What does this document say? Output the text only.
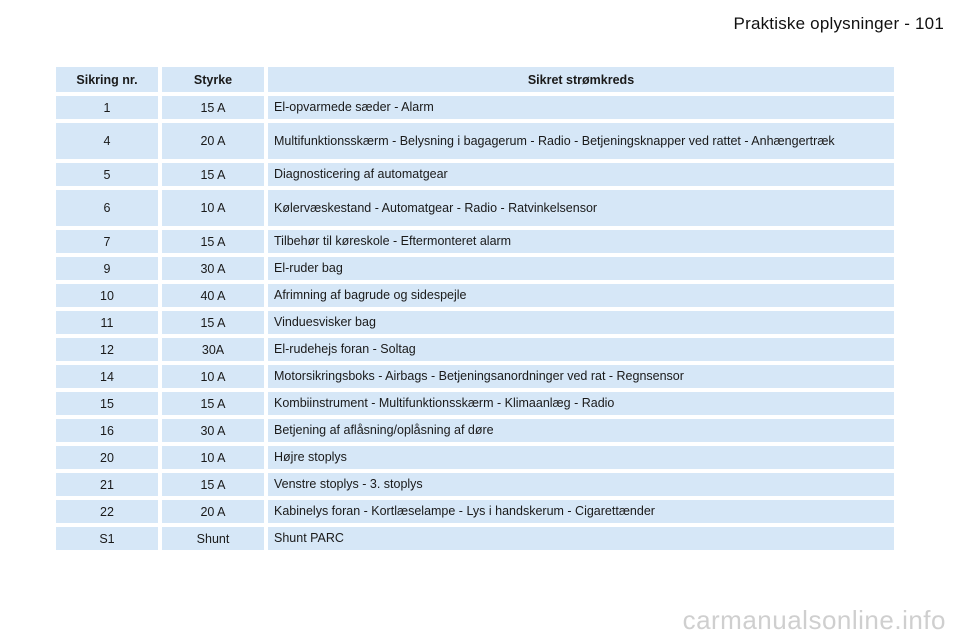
Praktiske oplysninger - 101
Sikring nr.	Styrke	Sikret strømkreds
1	15 A	El-opvarmede sæder - Alarm
4	20 A	Multifunktionsskærm - Belysning i bagagerum - Radio - Betjeningsknapper ved rattet - Anhængertræk
5	15 A	Diagnosticering af automatgear
6	10 A	Kølervæskestand - Automatgear - Radio - Ratvinkelsensor
7	15 A	Tilbehør til køreskole - Eftermonteret alarm
9	30 A	El-ruder bag
10	40 A	Afrimning af bagrude og sidespejle
11	15 A	Vinduesvisker bag
12	30A	El-rudehejs foran - Soltag
14	10 A	Motorsikringsboks - Airbags - Betjeningsanordninger ved rat - Regnsensor
15	15 A	Kombiinstrument - Multifunktionsskærm - Klimaanlæg - Radio
16	30 A	Betjening af aflåsning/oplåsning af døre
20	10 A	Højre stoplys
21	15 A	Venstre stoplys - 3. stoplys
22	20 A	Kabinelys foran - Kortlæselampe - Lys i handskerum - Cigarettænder
S1	Shunt	Shunt PARC
carmanualsonline.info
